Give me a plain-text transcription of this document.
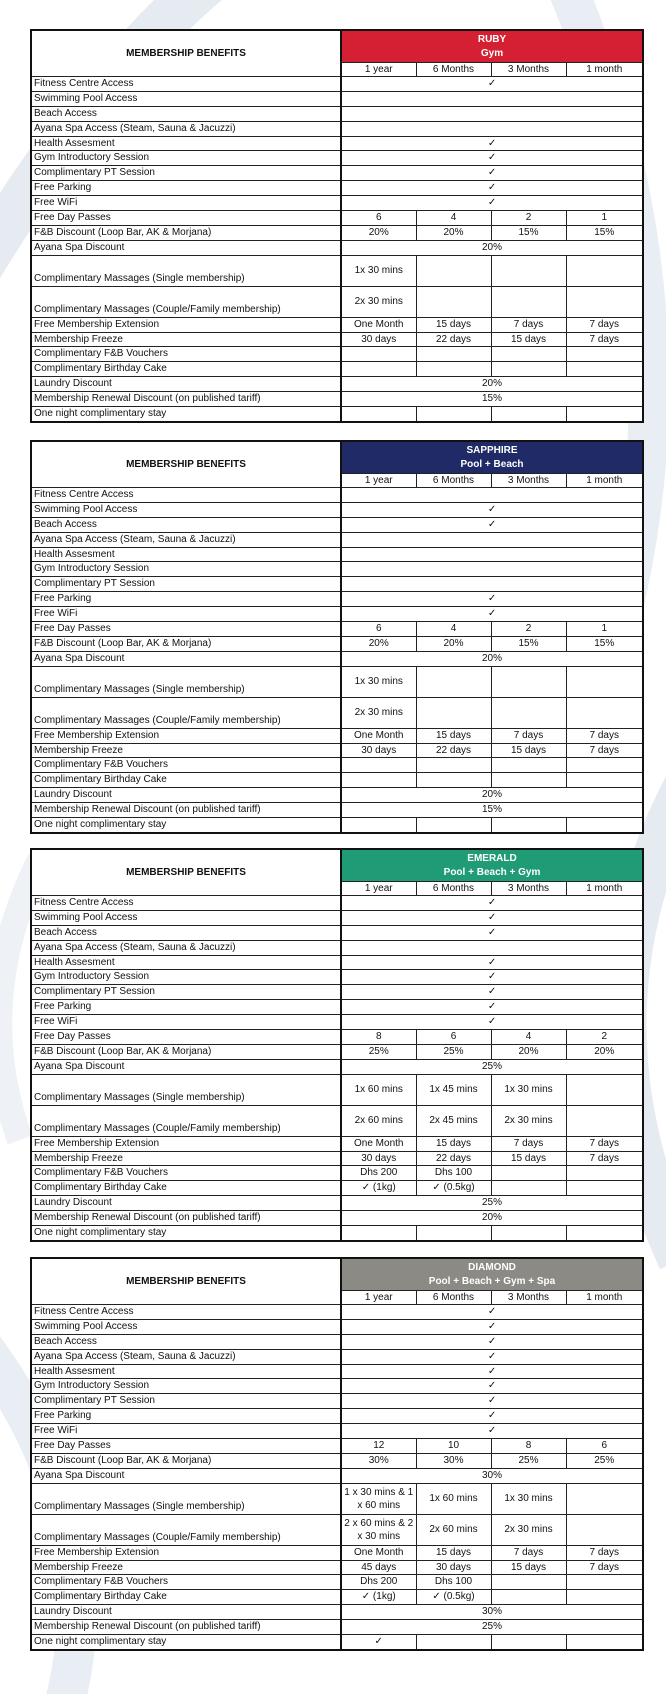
MEMBERSHIP BENEFITS	RUBY
Gym			

	1 year	6 Months	3 Months	1 month
Fitness Centre Access	✓			
Swimming Pool Access				
Beach Access				
Ayana Spa Access (Steam, Sauna & Jacuzzi)				
Health Assesment	✓			
Gym Introductory Session	✓			
Complimentary PT Session	✓			
Free Parking	✓			
Free WiFi	✓			
Free Day Passes	6	4	2	1
F&B Discount (Loop Bar, AK & Morjana)	20%	20%	15%	15%
Ayana Spa Discount	20%			
Complimentary Massages (Single membership)	1x 30 mins			
Complimentary Massages (Couple/Family membership)	2x 30 mins			
Free Membership Extension	One Month	15 days	7 days	7 days
Membership Freeze	30 days	22 days	15 days	7 days
Complimentary F&B Vouchers				
Complimentary Birthday Cake				
Laundry Discount	20%			
Membership Renewal Discount (on published tariff)	15%			
One night complimentary stay				
MEMBERSHIP BENEFITS	SAPPHIRE
Pool + Beach			

	1 year	6 Months	3 Months	1 month
Fitness Centre Access				
Swimming Pool Access	✓			
Beach Access	✓			
Ayana Spa Access (Steam, Sauna & Jacuzzi)				
Health Assesment				
Gym Introductory Session				
Complimentary PT Session				
Free Parking	✓			
Free WiFi	✓			
Free Day Passes	6	4	2	1
F&B Discount (Loop Bar, AK & Morjana)	20%	20%	15%	15%
Ayana Spa Discount	20%			
Complimentary Massages (Single membership)	1x 30 mins			
Complimentary Massages (Couple/Family membership)	2x 30 mins			
Free Membership Extension	One Month	15 days	7 days	7 days
Membership Freeze	30 days	22 days	15 days	7 days
Complimentary F&B Vouchers				
Complimentary Birthday Cake				
Laundry Discount	20%			
Membership Renewal Discount (on published tariff)	15%			
One night complimentary stay				
MEMBERSHIP BENEFITS	EMERALD
Pool + Beach + Gym			

	1 year	6 Months	3 Months	1 month
Fitness Centre Access	✓			
Swimming Pool Access	✓			
Beach Access	✓			
Ayana Spa Access (Steam, Sauna & Jacuzzi)				
Health Assesment	✓			
Gym Introductory Session	✓			
Complimentary PT Session	✓			
Free Parking	✓			
Free WiFi	✓			
Free Day Passes	8	6	4	2
F&B Discount (Loop Bar, AK & Morjana)	25%	25%	20%	20%
Ayana Spa Discount	25%			
Complimentary Massages (Single membership)	1x 60 mins	1x 45 mins	1x 30 mins	
Complimentary Massages (Couple/Family membership)	2x 60 mins	2x 45 mins	2x 30 mins	
Free Membership Extension	One Month	15 days	7 days	7 days
Membership Freeze	30 days	22 days	15 days	7 days
Complimentary F&B Vouchers	Dhs 200	Dhs 100		
Complimentary Birthday Cake	✓ (1kg)	✓ (0.5kg)		
Laundry Discount	25%			
Membership Renewal Discount (on published tariff)	20%			
One night complimentary stay				
MEMBERSHIP BENEFITS	DIAMOND
Pool + Beach + Gym + Spa			

	1 year	6 Months	3 Months	1 month
Fitness Centre Access	✓			
Swimming Pool Access	✓			
Beach Access	✓			
Ayana Spa Access (Steam, Sauna & Jacuzzi)	✓			
Health Assesment	✓			
Gym Introductory Session	✓			
Complimentary PT Session	✓			
Free Parking	✓			
Free WiFi	✓			
Free Day Passes	12	10	8	6
F&B Discount (Loop Bar, AK & Morjana)	30%	30%	25%	25%
Ayana Spa Discount	30%			
Complimentary Massages (Single membership)	1 x 30 mins & 1 x 60 mins	1x 60 mins	1x 30 mins	
Complimentary Massages (Couple/Family membership)	2 x 60 mins & 2 x 30 mins	2x 60 mins	2x 30 mins	
Free Membership Extension	One Month	15 days	7 days	7 days
Membership Freeze	45 days	30 days	15 days	7 days
Complimentary F&B Vouchers	Dhs 200	Dhs 100		
Complimentary Birthday Cake	✓ (1kg)	✓ (0.5kg)		
Laundry Discount	30%			
Membership Renewal Discount (on published tariff)	25%			
One night complimentary stay	✓			
